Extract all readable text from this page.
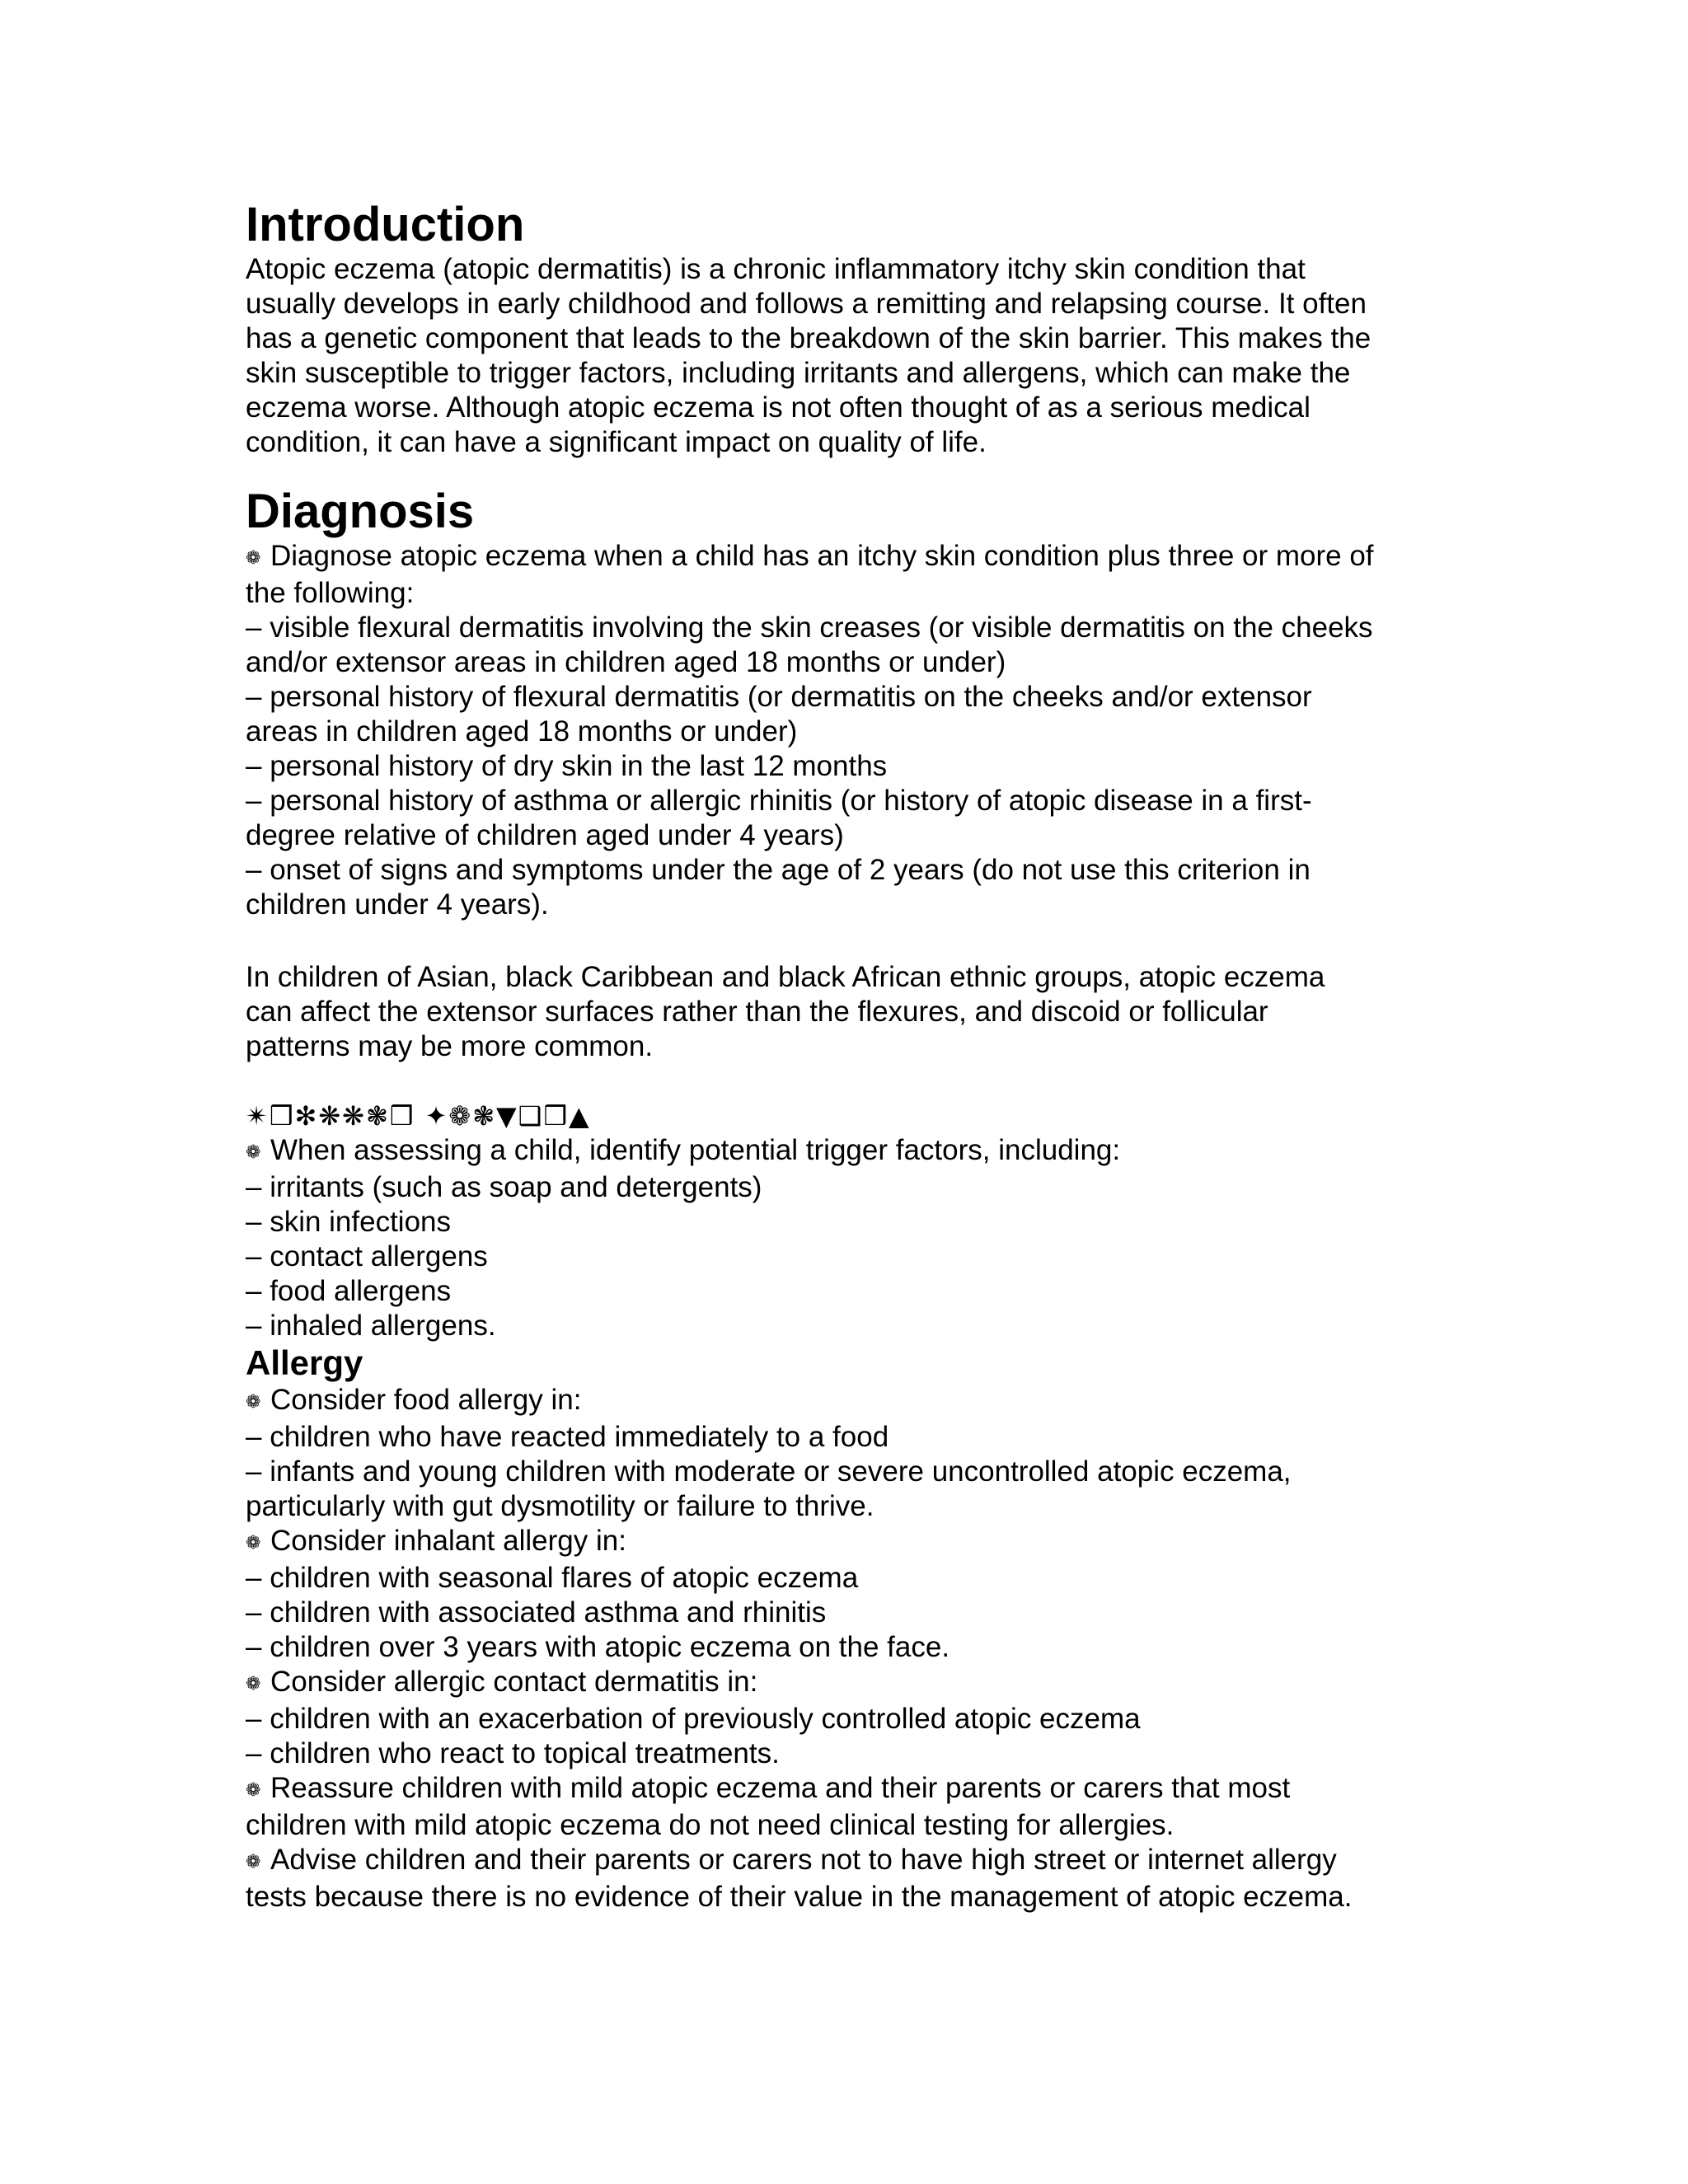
Introduction
Atopic eczema (atopic dermatitis) is a chronic inflammatory itchy skin condition that
usually develops in early childhood and follows a remitting and relapsing course. It often
has a genetic component that leads to the breakdown of the skin barrier. This makes the
skin susceptible to trigger factors, including irritants and allergens, which can make the
eczema worse. Although atopic eczema is not often thought of as a serious medical
condition, it can have a significant impact on quality of life.
Diagnosis
❁ Diagnose atopic eczema when a child has an itchy skin condition plus three or more of
the following:
– visible flexural dermatitis involving the skin creases (or visible dermatitis on the cheeks
and/or extensor areas in children aged 18 months or under)
– personal history of flexural dermatitis (or dermatitis on the cheeks and/or extensor
areas in children aged 18 months or under)
– personal history of dry skin in the last 12 months
– personal history of asthma or allergic rhinitis (or history of atopic disease in a first-
degree relative of children aged under 4 years)
– onset of signs and symptoms under the age of 2 years (do not use this criterion in
children under 4 years).
In children of Asian, black Caribbean and black African ethnic groups, atopic eczema
can affect the extensor surfaces rather than the flexures, and discoid or follicular
patterns may be more common.
✴❒✻❋❋❃❒ ✦❁❃▼❑❒▲
❁ When assessing a child, identify potential trigger factors, including:
– irritants (such as soap and detergents)
– skin infections
– contact allergens
– food allergens
– inhaled allergens.
Allergy
❁ Consider food allergy in:
– children who have reacted immediately to a food
– infants and young children with moderate or severe uncontrolled atopic eczema,
particularly with gut dysmotility or failure to thrive.
❁ Consider inhalant allergy in:
– children with seasonal flares of atopic eczema
– children with associated asthma and rhinitis
– children over 3 years with atopic eczema on the face.
❁ Consider allergic contact dermatitis in:
– children with an exacerbation of previously controlled atopic eczema
– children who react to topical treatments.
❁ Reassure children with mild atopic eczema and their parents or carers that most
children with mild atopic eczema do not need clinical testing for allergies.
❁ Advise children and their parents or carers not to have high street or internet allergy
tests because there is no evidence of their value in the management of atopic eczema.
